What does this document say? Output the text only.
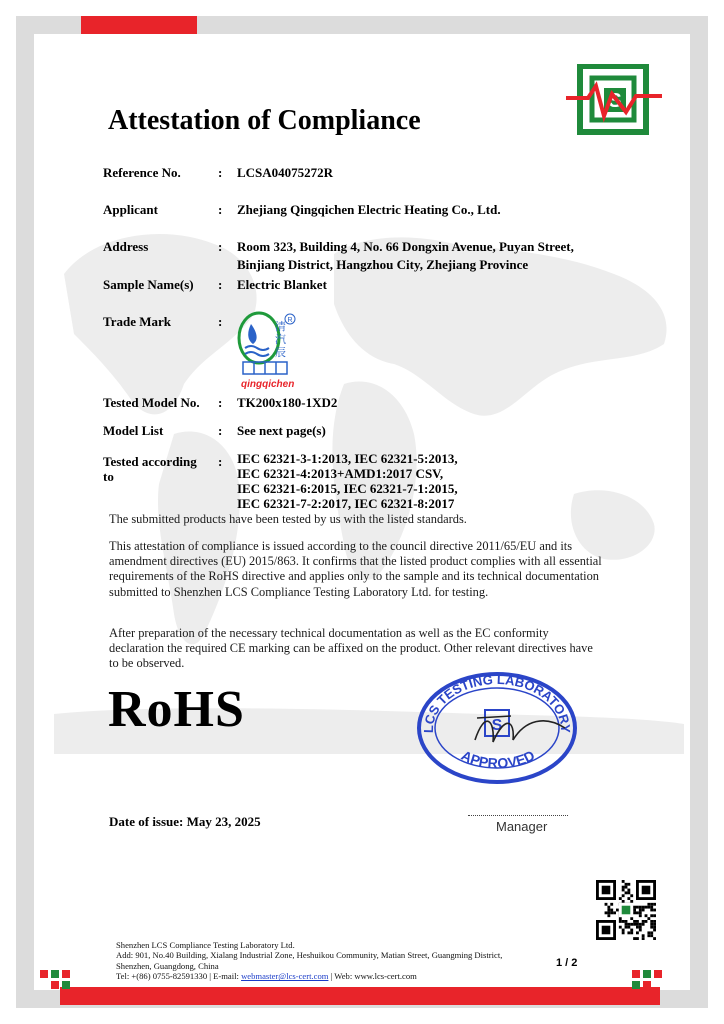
S
Attestation of Compliance
Reference No.	: LCSA04075272R
Applicant	: Zhejiang Qingqichen Electric Heating Co., Ltd.
Address	: Room 323, Building 4, No. 66 Dongxin Avenue, Puyan Street,
Binjiang District, Hangzhou City, Zhejiang Province
Sample Name(s) : Electric Blanket
Trade Mark	:	清
汽
辰
R
qingqichen
Tested Model No. : TK200x180-1XD2
Model List	: See next page(s)
Tested according
to
: IEC 62321-3-1:2013, IEC 62321-5:2013,
IEC 62321-4:2013+AMD1:2017 CSV,
IEC 62321-6:2015, IEC 62321-7-1:2015,
IEC 62321-7-2:2017, IEC 62321-8:2017
The submitted products have been tested by us with the listed standards.
This attestation of compliance is issued according to the council directive 2011/65/EU and its amendment directives (EU) 2015/863. It confirms that the listed product complies with all essential requirements of the RoHS directive and applies only to the sample and its technical documentation submitted to Shenzhen LCS Compliance Testing Laboratory Ltd. for testing.
After preparation of the necessary technical documentation as well as the EC conformity declaration the required CE marking can be affixed on the product. Other relevant directives have to be observed.
RoHS	LCS TESTING LABORATORY
APPROVED
S
Date of issue: May 23, 2025	Manager
Shenzhen LCS Compliance Testing Laboratory Ltd.
Add: 901, No.40 Building, Xialang Industrial Zone, Heshuikou Community, Matian Street, Guangming District,
Shenzhen, Guangdong, China
Tel: +(86) 0755-82591330 | E-mail: webmaster@lcs-cert.com | Web: www.lcs-cert.com
1 / 2
